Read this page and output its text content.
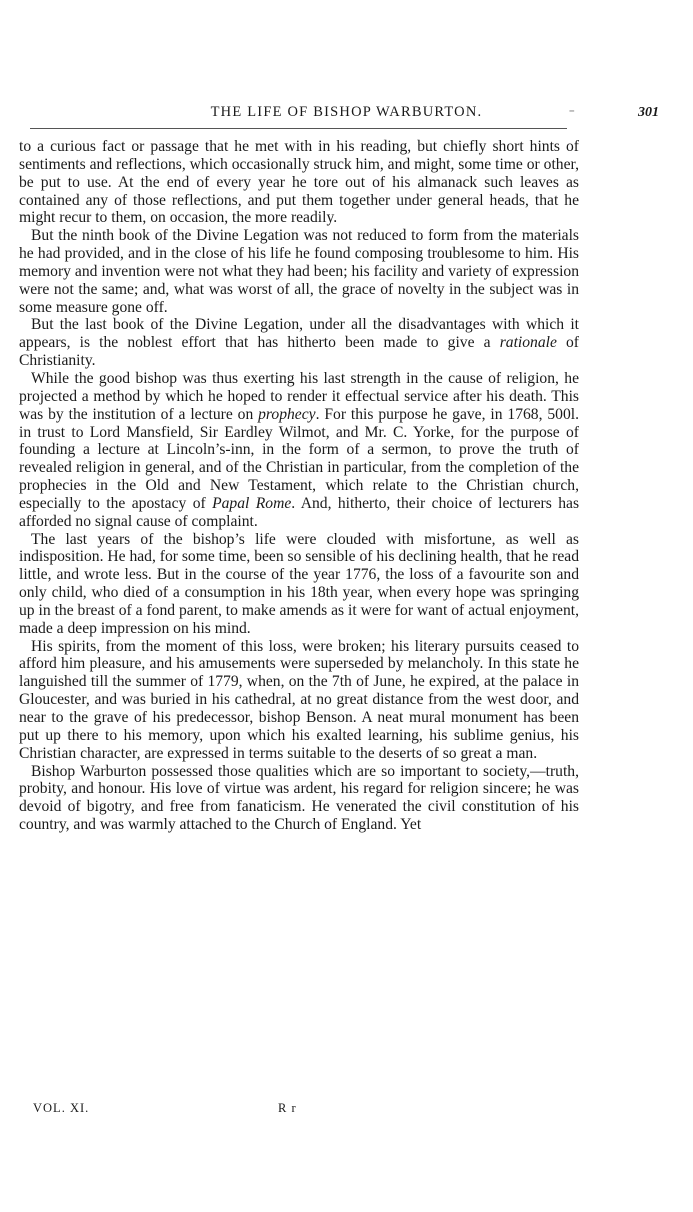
THE LIFE OF BISHOP WARBURTON.	⁻	301

to a curious fact or passage that he met with in his reading, but chiefly short hints of sentiments and reflections, which occasionally struck him, and might, some time or other, be put to use. At the end of every year he tore out of his almanack such leaves as contained any of those reflections, and put them together under general heads, that he might recur to them, on occasion, the more readily.

But the ninth book of the Divine Legation was not reduced to form from the materials he had provided, and in the close of his life he found composing troublesome to him. His memory and invention were not what they had been; his facility and variety of expression were not the same; and, what was worst of all, the grace of novelty in the subject was in some measure gone off.

But the last book of the Divine Legation, under all the disadvantages with which it appears, is the noblest effort that has hitherto been made to give a rationale of Christianity.

While the good bishop was thus exerting his last strength in the cause of religion, he projected a method by which he hoped to render it effectual service after his death. This was by the institution of a lecture on prophecy. For this purpose he gave, in 1768, 500l. in trust to Lord Mansfield, Sir Eardley Wilmot, and Mr. C. Yorke, for the purpose of founding a lecture at Lincoln’s-inn, in the form of a sermon, to prove the truth of revealed religion in general, and of the Christian in particular, from the completion of the prophecies in the Old and New Testament, which relate to the Christian church, especially to the apostacy of Papal Rome. And, hitherto, their choice of lecturers has afforded no signal cause of complaint.

The last years of the bishop’s life were clouded with misfortune, as well as indisposition. He had, for some time, been so sensible of his declining health, that he read little, and wrote less. But in the course of the year 1776, the loss of a favourite son and only child, who died of a consumption in his 18th year, when every hope was springing up in the breast of a fond parent, to make amends as it were for want of actual enjoyment, made a deep impression on his mind.

His spirits, from the moment of this loss, were broken; his literary pursuits ceased to afford him pleasure, and his amusements were superseded by melancholy. In this state he languished till the summer of 1779, when, on the 7th of June, he expired, at the palace in Gloucester, and was buried in his cathedral, at no great distance from the west door, and near to the grave of his predecessor, bishop Benson. A neat mural monument has been put up there to his memory, upon which his exalted learning, his sublime genius, his Christian character, are expressed in terms suitable to the deserts of so great a man.

Bishop Warburton possessed those qualities which are so important to society,—truth, probity, and honour. His love of virtue was ardent, his regard for religion sincere; he was devoid of bigotry, and free from fanaticism. He venerated the civil constitution of his country, and was warmly attached to the Church of England. Yet

VOL. XI.	R r
